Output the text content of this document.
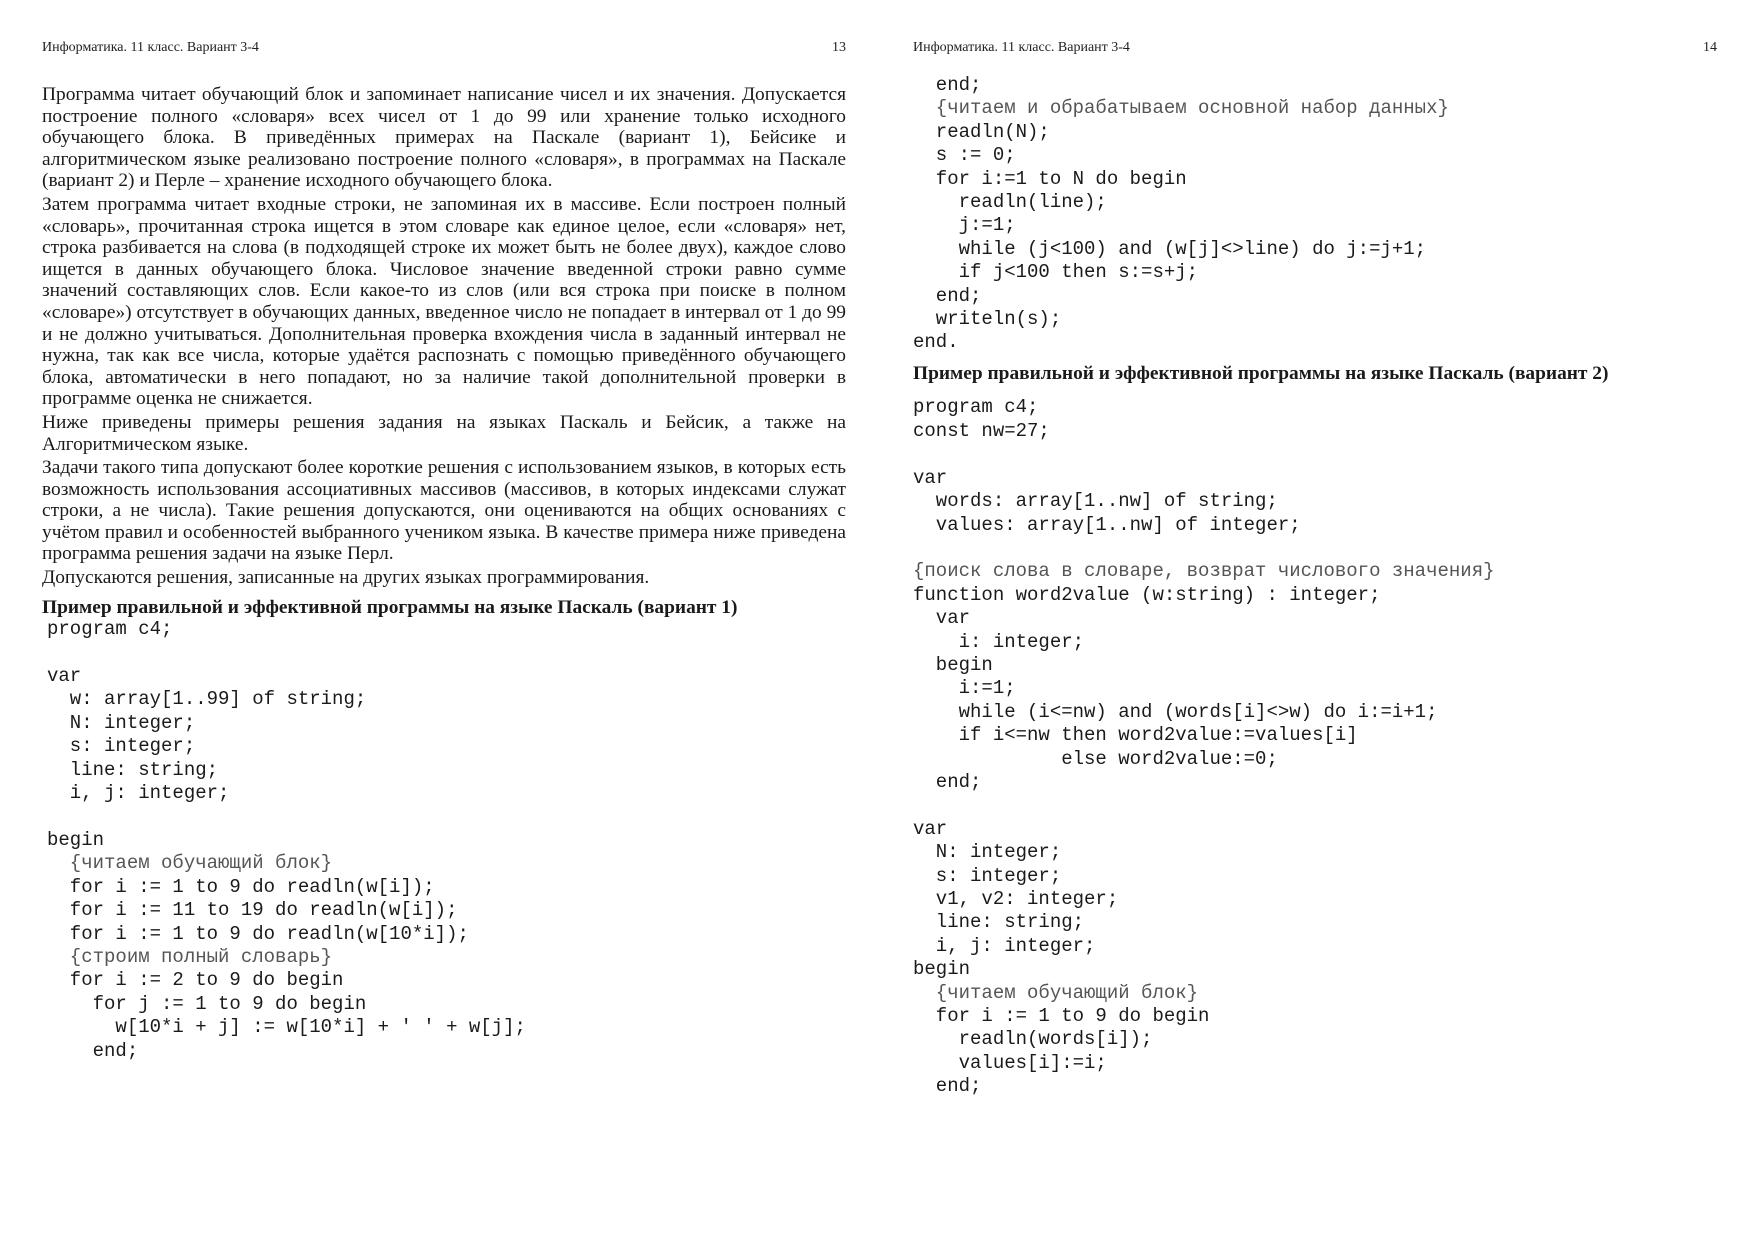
Информатика. 11 класс. Вариант 3-4	13

Программа читает обучающий блок и запоминает написание чисел и их значения. Допускается построение полного «словаря» всех чисел от 1 до 99 или хранение только исходного обучающего блока. В приведённых примерах на Паскале (вариант 1), Бейсике и алгоритмическом языке реализовано построение полного «словаря», в программах на Паскале (вариант 2) и Перле – хранение исходного обучающего блока.

Затем программа читает входные строки, не запоминая их в массиве. Если построен полный «словарь», прочитанная строка ищется в этом словаре как единое целое, если «словаря» нет, строка разбивается на слова (в подходящей строке их может быть не более двух), каждое слово ищется в данных обучающего блока. Числовое значение введенной строки равно сумме значений составляющих слов. Если какое-то из слов (или вся строка при поиске в полном «словаре») отсутствует в обучающих данных, введенное число не попадает в интервал от 1 до 99 и не должно учитываться. Дополнительная проверка вхождения числа в заданный интервал не нужна, так как все числа, которые удаётся распознать с помощью приведённого обучающего блока, автоматически в него попадают, но за наличие такой дополнительной проверки в программе оценка не снижается.

Ниже приведены примеры решения задания на языках Паскаль и Бейсик, а также на Алгоритмическом языке.

Задачи такого типа допускают более короткие решения с использованием языков, в которых есть возможность использования ассоциативных массивов (массивов, в которых индексами служат строки, а не числа). Такие решения допускаются, они оцениваются на общих основаниях с учётом правил и особенностей выбранного учеником языка. В качестве примера ниже приведена программа решения задачи на языке Перл.

Допускаются решения, записанные на других языках программирования.

Пример правильной и эффективной программы на языке Паскаль (вариант 1)
program c4;

var
w: array[1..99] of string;
N: integer;
s: integer;
line: string;
i, j: integer;

begin
{читаем обучающий блок}
for i := 1 to 9 do readln(w[i]);
for i := 11 to 19 do readln(w[i]);
for i := 1 to 9 do readln(w[10*i]);
{строим полный словарь}
for i := 2 to 9 do begin
for j := 1 to 9 do begin
w[10*i + j] := w[10*i] + ' ' + w[j];
end;
Информатика. 11 класс. Вариант 3-4	14
end;
{читаем и обрабатываем основной набор данных}
readln(N);
s := 0;
for i:=1 to N do begin
readln(line);
j:=1;
while (j<100) and (w[j]<>line) do j:=j+1;
if j<100 then s:=s+j;
end;
writeln(s);
end.
Пример правильной и эффективной программы на языке Паскаль (вариант 2)
program c4;
const nw=27;

var
words: array[1..nw] of string;
values: array[1..nw] of integer;

{поиск слова в словаре, возврат числового значения}
function word2value (w:string) : integer;
var
i: integer;
begin
i:=1;
while (i<=nw) and (words[i]<>w) do i:=i+1;
if i<=nw then word2value:=values[i]
else word2value:=0;
end;

var
N: integer;
s: integer;
v1, v2: integer;
line: string;
i, j: integer;
begin
{читаем обучающий блок}
for i := 1 to 9 do begin
readln(words[i]);
values[i]:=i;
end;
